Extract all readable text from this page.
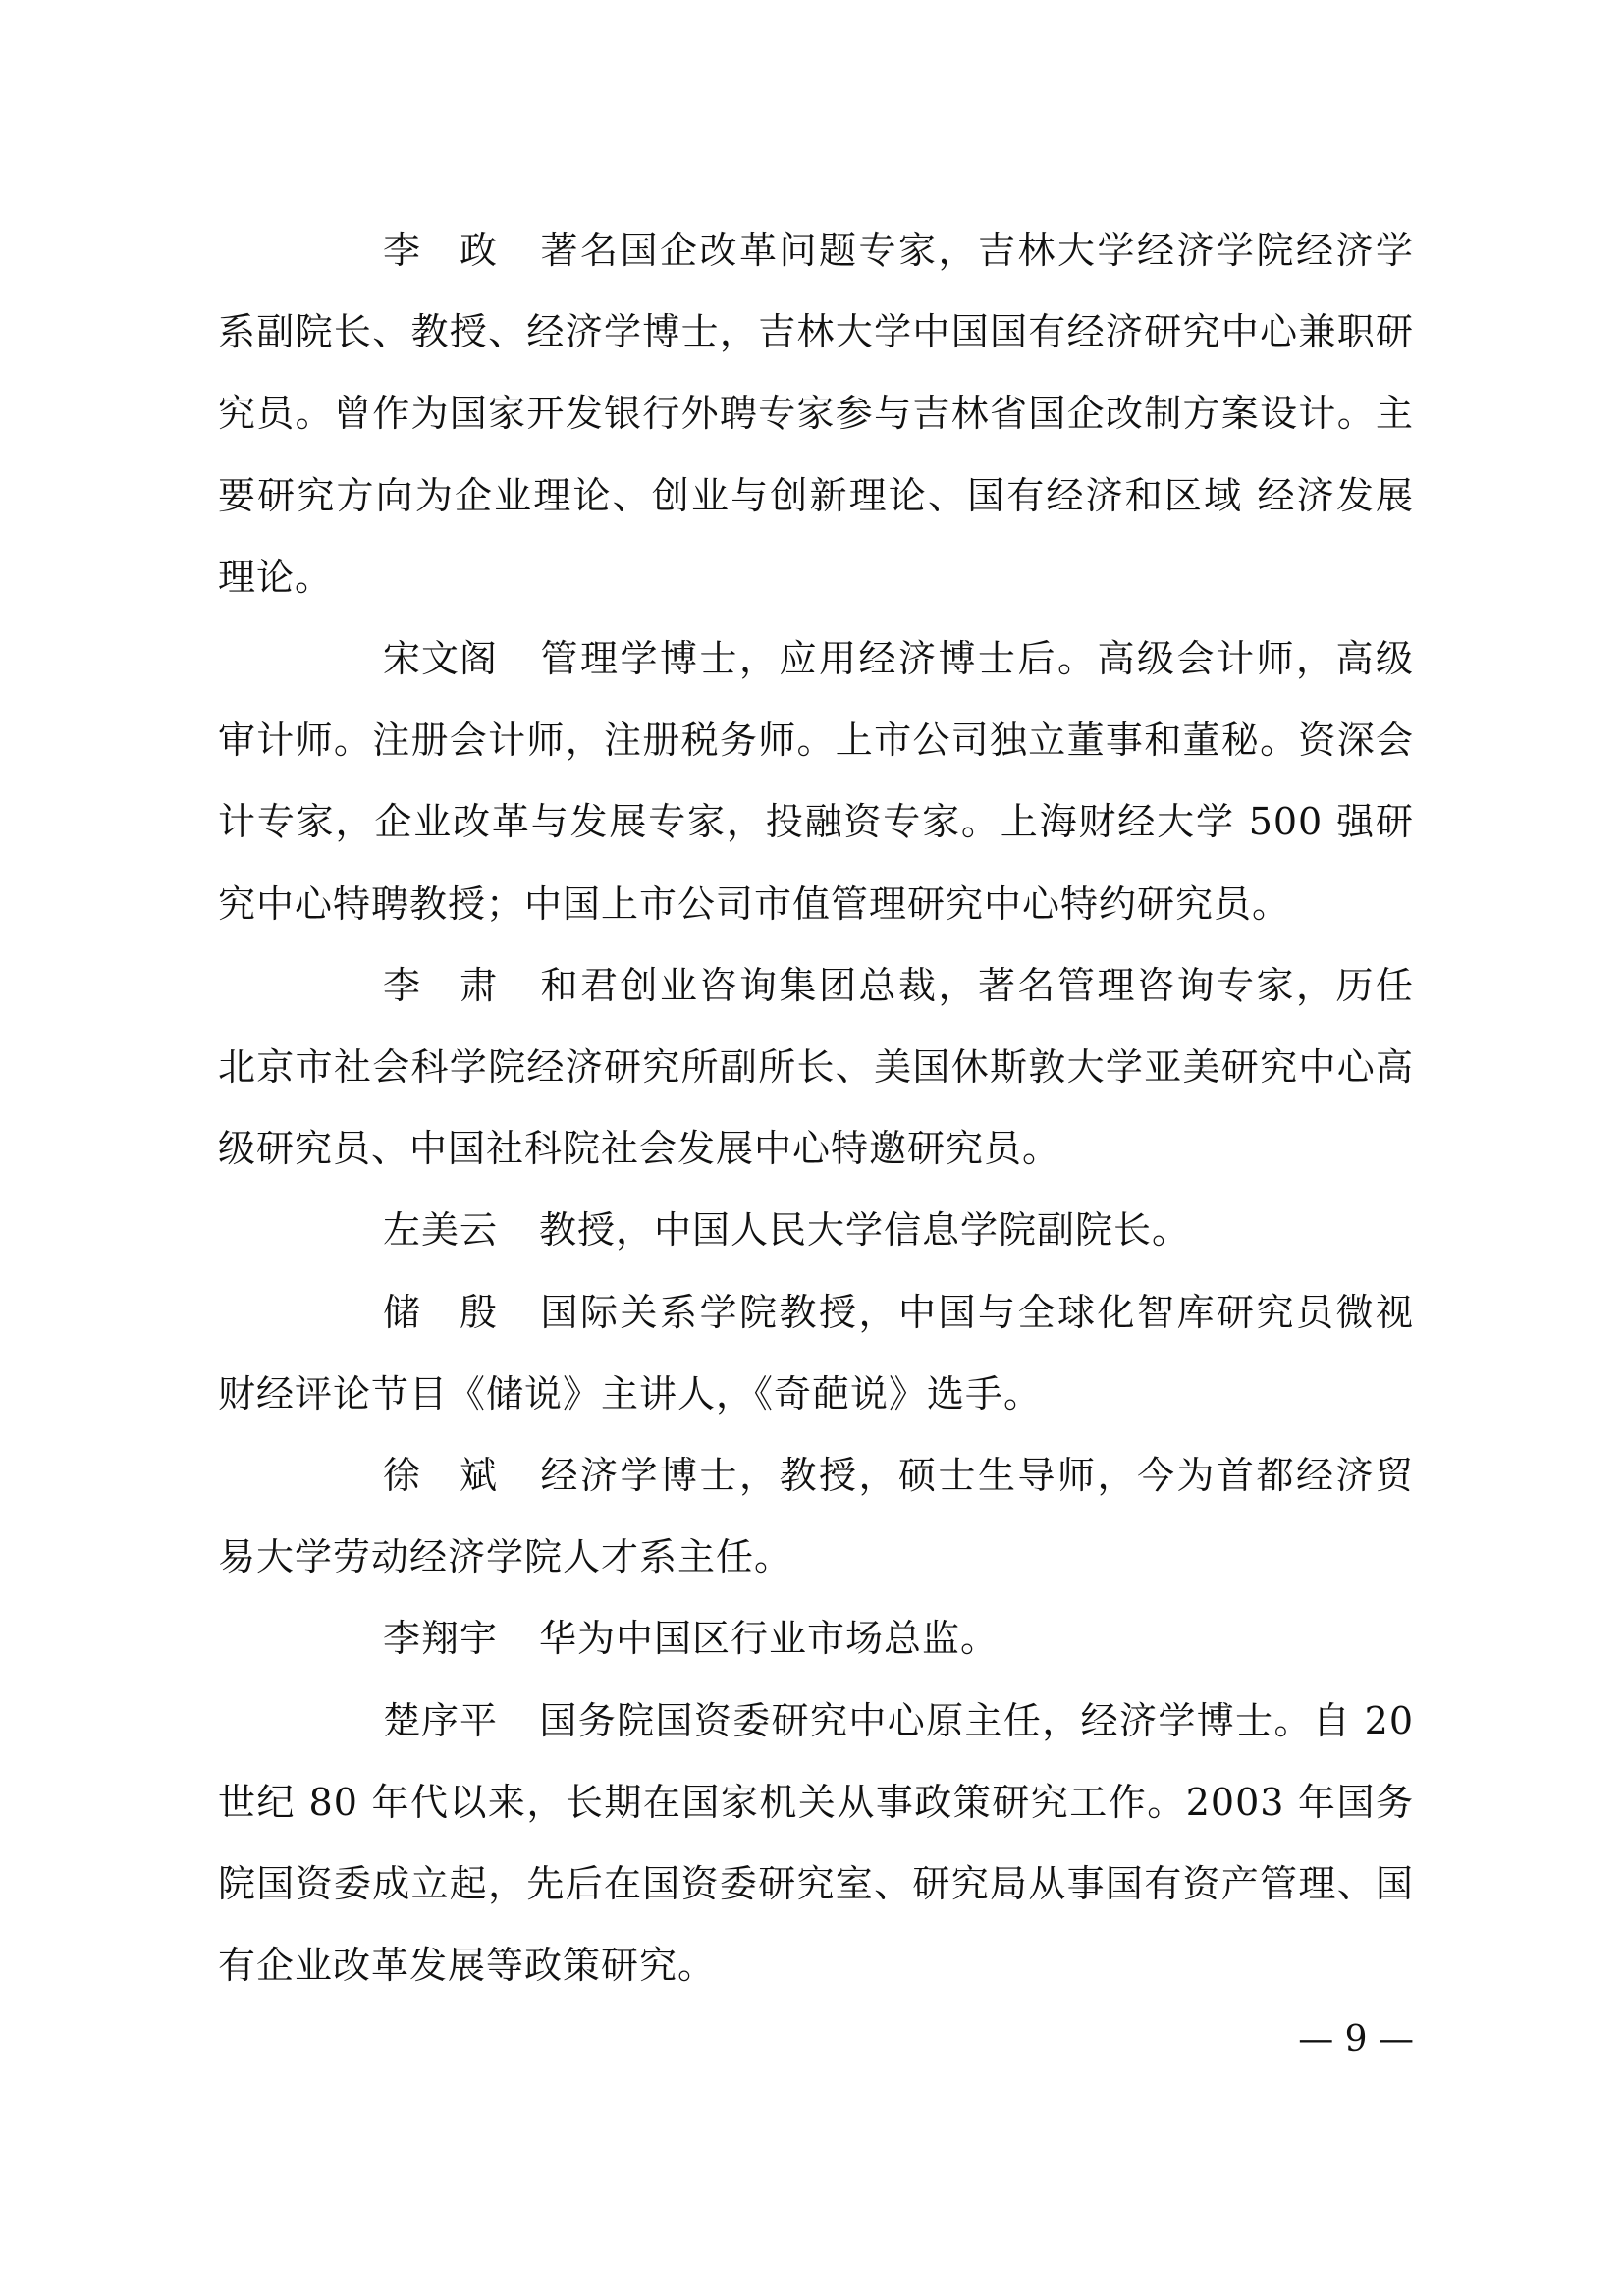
李　政 著名国企改革问题专家，吉林大学经济学院经济学系副院长、教授、经济学博士，吉林大学中国国有经济研究中心兼职研究员。曾作为国家开发银行外聘专家参与吉林省国企改制方案设计。主要研究方向为企业理论、创业与创新理论、国有经济和区域 经济发展理论。

宋文阁 管理学博士，应用经济博士后。高级会计师，高级审计师。注册会计师，注册税务师。上市公司独立董事和董秘。资深会计专家，企业改革与发展专家，投融资专家。上海财经大学 500 强研究中心特聘教授；中国上市公司市值管理研究中心特约研究员。

李　肃 和君创业咨询集团总裁，著名管理咨询专家，历任北京市社会科学院经济研究所副所长、美国休斯敦大学亚美研究中心高级研究员、中国社科院社会发展中心特邀研究员。

左美云 教授，中国人民大学信息学院副院长。

储　殷 国际关系学院教授，中国与全球化智库研究员微视财经评论节目《储说》主讲人，《奇葩说》选手。

徐　斌 经济学博士，教授，硕士生导师，今为首都经济贸易大学劳动经济学院人才系主任。

李翔宇 华为中国区行业市场总监。

楚序平 国务院国资委研究中心原主任，经济学博士。自 20 世纪 80 年代以来，长期在国家机关从事政策研究工作。2003 年国务院国资委成立起，先后在国资委研究室、研究局从事国有资产管理、国有企业改革发展等政策研究。

— 9 —
